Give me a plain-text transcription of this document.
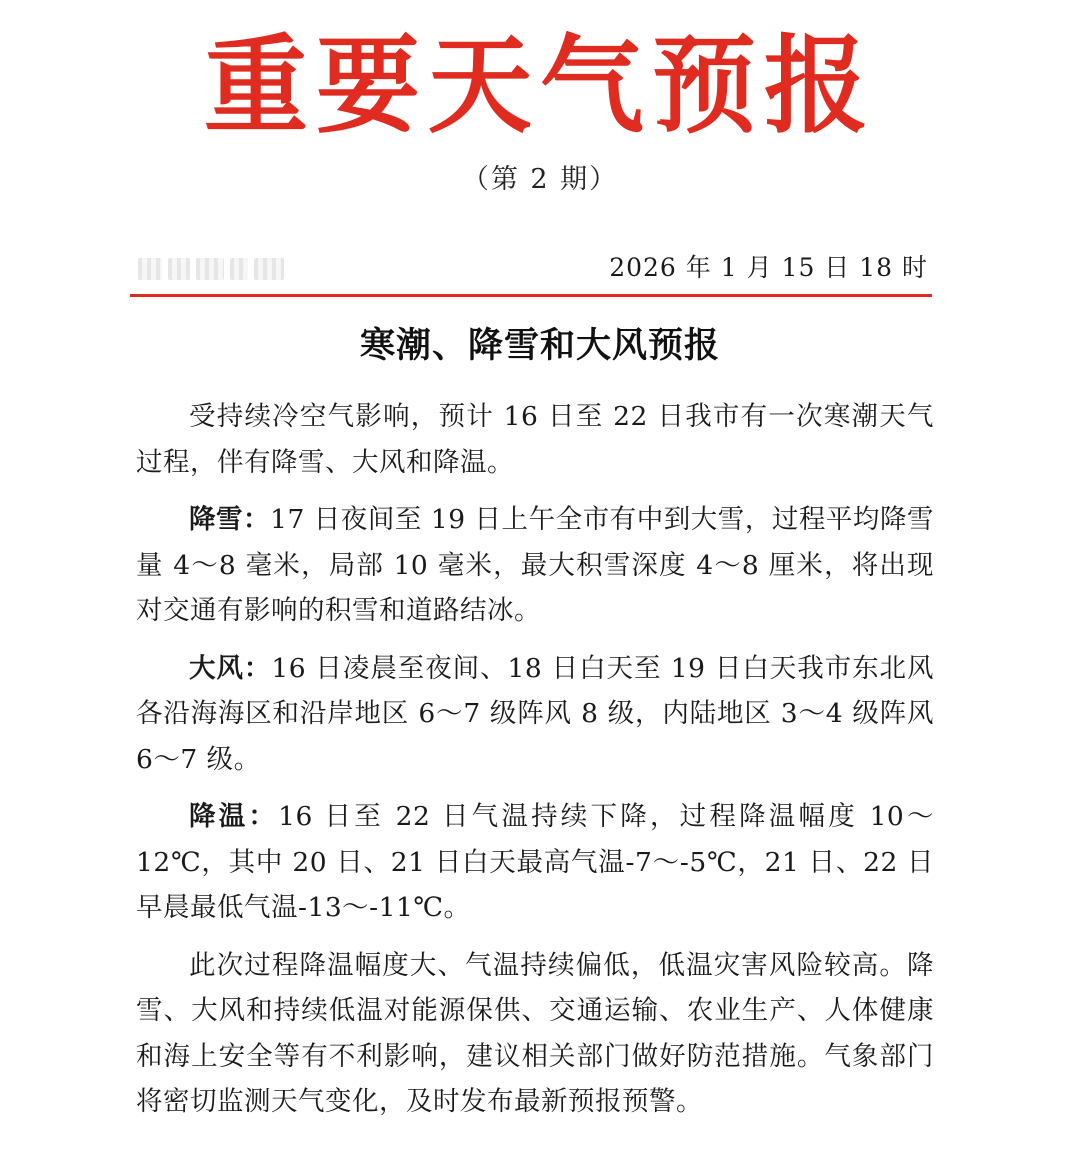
重要天气预报
（第 2 期）
2026 年 1 月 15 日 18 时
寒潮、降雪和大风预报

受持续冷空气影响，预计 16 日至 22 日我市有一次寒潮天气过程，伴有降雪、大风和降温。

降雪：17 日夜间至 19 日上午全市有中到大雪，过程平均降雪量 4～8 毫米，局部 10 毫米，最大积雪深度 4～8 厘米，将出现对交通有影响的积雪和道路结冰。

大风：16 日凌晨至夜间、18 日白天至 19 日白天我市东北风各沿海海区和沿岸地区 6～7 级阵风 8 级，内陆地区 3～4 级阵风 6～7 级。

降温：16 日至 22 日气温持续下降，过程降温幅度 10～12℃，其中 20 日、21 日白天最高气温-7～-5℃，21 日、22 日早晨最低气温-13～-11℃。

此次过程降温幅度大、气温持续偏低，低温灾害风险较高。降雪、大风和持续低温对能源保供、交通运输、农业生产、人体健康和海上安全等有不利影响，建议相关部门做好防范措施。气象部门将密切监测天气变化，及时发布最新预报预警。
